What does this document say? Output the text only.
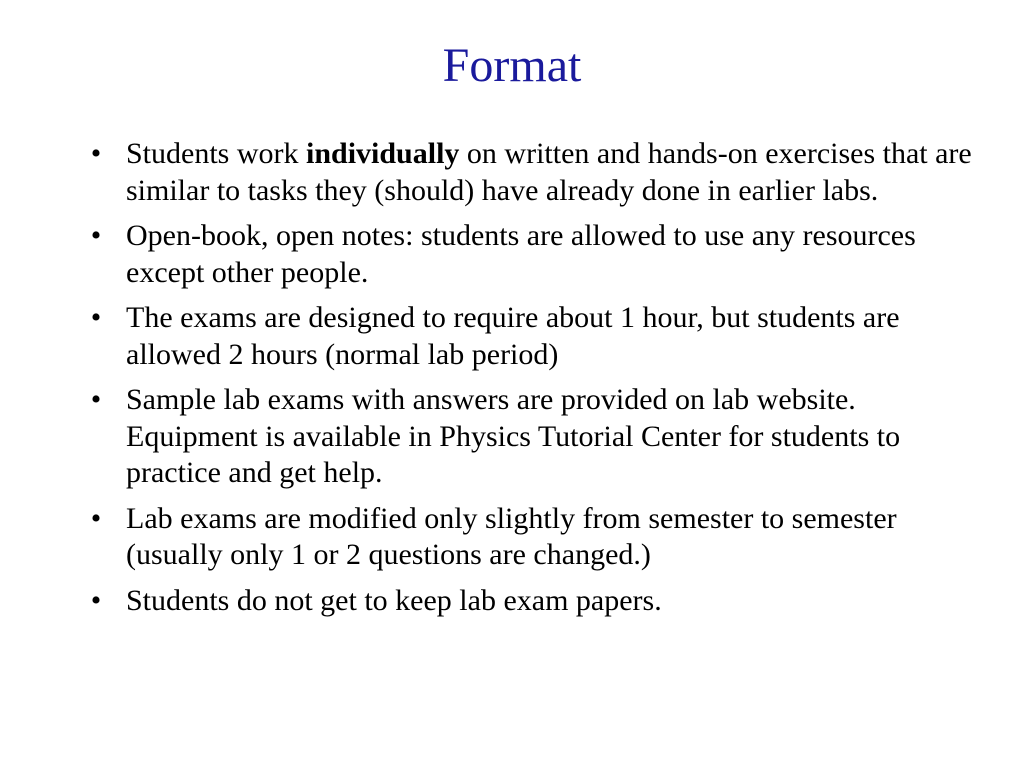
Format
• Students work individually on written and hands-on exercises that are similar to tasks they (should) have already done in earlier labs.
• Open-book, open notes: students are allowed to use any resources except other people.
• The exams are designed to require about 1 hour, but students are allowed 2 hours (normal lab period)
• Sample lab exams with answers are provided on lab website. Equipment is available in Physics Tutorial Center for students to practice and get help.
• Lab exams are modified only slightly from semester to semester (usually only 1 or 2 questions are changed.)
• Students do not get to keep lab exam papers.
